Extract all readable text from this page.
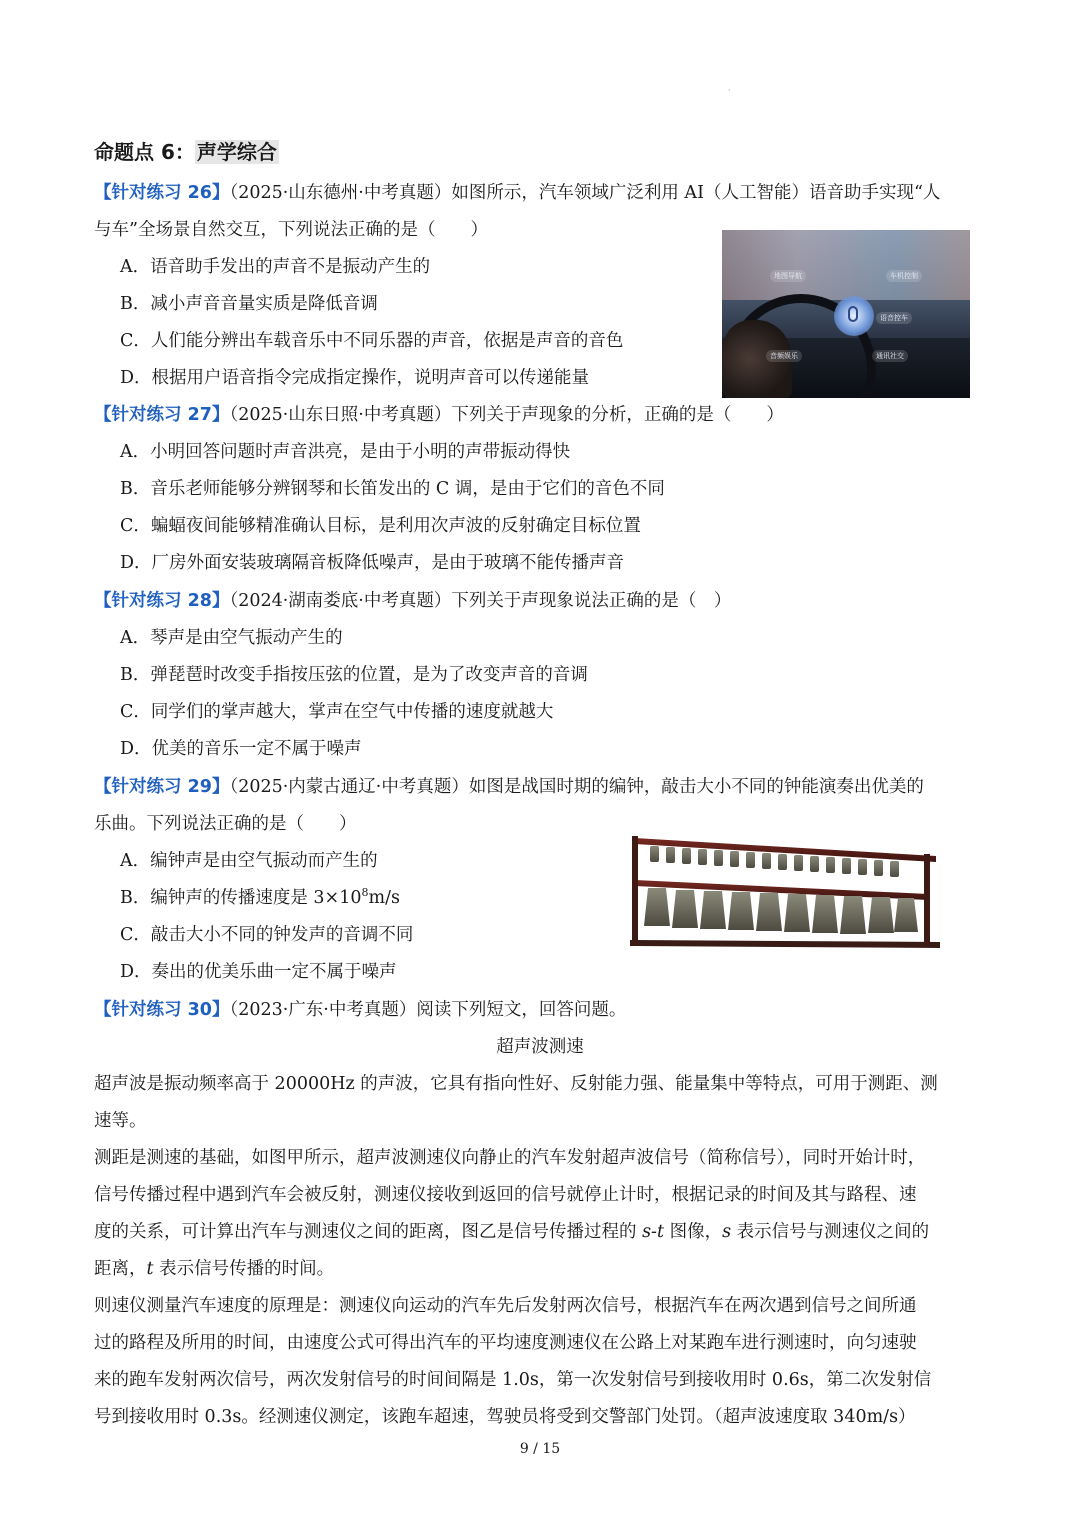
·
命题点 6： 声学综合
【针对练习 26】（2025·山东德州·中考真题）如图所示，汽车领域广泛利用 AI（人工智能）语音助手实现“人
与车”全场景自然交互，下列说法正确的是（　　）
A．语音助手发出的声音不是振动产生的
B．减小声音音量实质是降低音调
C．人们能分辨出车载音乐中不同乐器的声音，依据是声音的音色
D．根据用户语音指令完成指定操作，说明声音可以传递能量
地图导航	车机控制
语音控车
音频娱乐	通讯社交
【针对练习 27】（2025·山东日照·中考真题）下列关于声现象的分析，正确的是（　　）
A．小明回答问题时声音洪亮，是由于小明的声带振动得快
B．音乐老师能够分辨钢琴和长笛发出的 C 调，是由于它们的音色不同
C．蝙蝠夜间能够精准确认目标，是利用次声波的反射确定目标位置
D．厂房外面安装玻璃隔音板降低噪声，是由于玻璃不能传播声音
【针对练习 28】（2024·湖南娄底·中考真题）下列关于声现象说法正确的是（　）
A．琴声是由空气振动产生的
B．弹琵琶时改变手指按压弦的位置，是为了改变声音的音调
C．同学们的掌声越大，掌声在空气中传播的速度就越大
D．优美的音乐一定不属于噪声
【针对练习 29】（2025·内蒙古通辽·中考真题）如图是战国时期的编钟，敲击大小不同的钟能演奏出优美的
乐曲。下列说法正确的是（　　）
A．编钟声是由空气振动而产生的
B．编钟声的传播速度是 $3\times 10^8m/s$
C．敲击大小不同的钟发声的音调不同
D．奏出的优美乐曲一定不属于噪声
【针对练习 30】（2023·广东·中考真题）阅读下列短文，回答问题。
超声波测速
超声波是振动频率高于 20000Hz 的声波，它具有指向性好、反射能力强、能量集中等特点，可用于测距、测
速等。
测距是测速的基础，如图甲所示，超声波测速仪向静止的汽车发射超声波信号（简称信号），同时开始计时，
信号传播过程中遇到汽车会被反射，测速仪接收到返回的信号就停止计时，根据记录的时间及其与路程、速
度的关系，可计算出汽车与测速仪之间的距离，图乙是信号传播过程的 s-t 图像，s 表示信号与测速仪之间的
距离，t 表示信号传播的时间。
则速仪测量汽车速度的原理是：测速仪向运动的汽车先后发射两次信号，根据汽车在两次遇到信号之间所通
过的路程及所用的时间，由速度公式可得出汽车的平均速度测速仪在公路上对某跑车进行测速时，向匀速驶
来的跑车发射两次信号，两次发射信号的时间间隔是 1.0s，第一次发射信号到接收用时 0.6s，第二次发射信
号到接收用时 0.3s。经测速仪测定，该跑车超速，驾驶员将受到交警部门处罚。（超声波速度取 340m/s）
9 / 15
